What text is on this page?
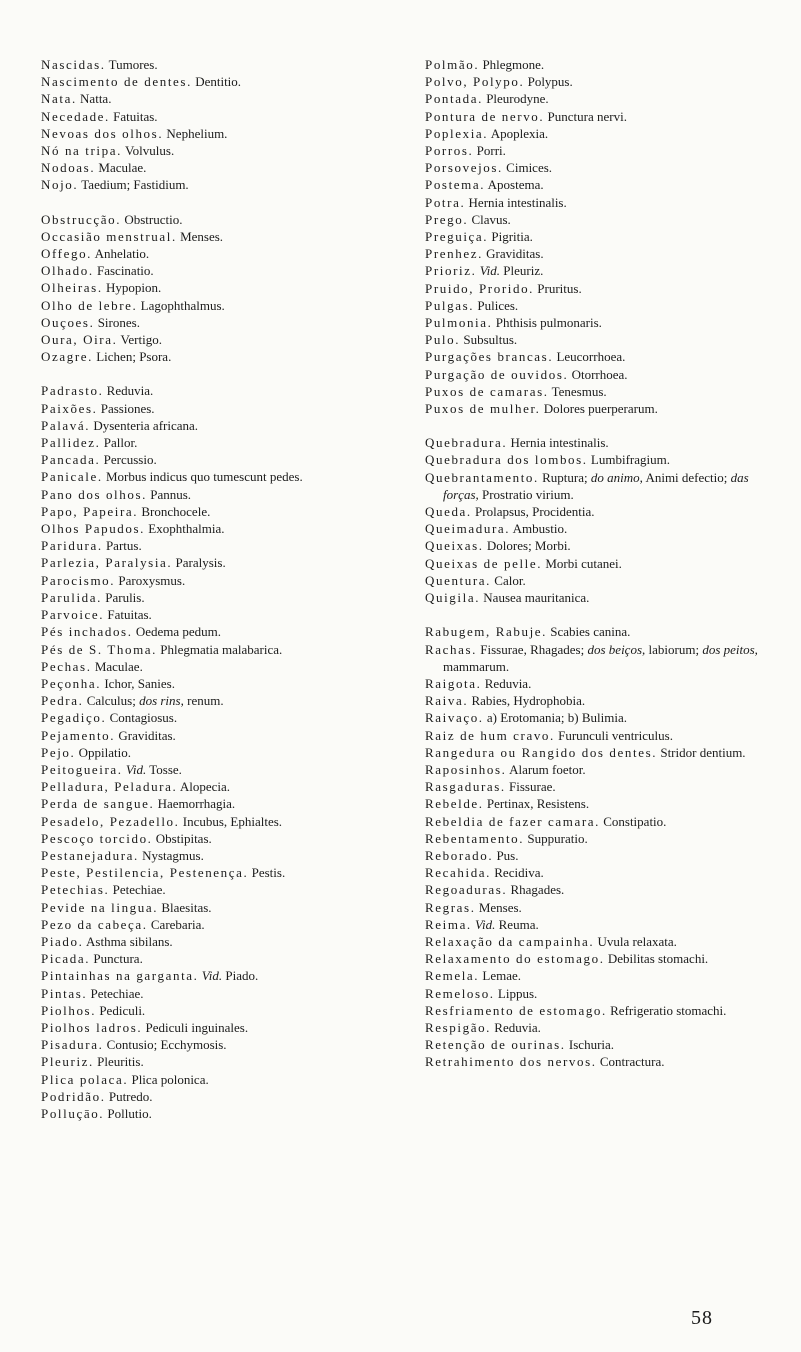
Nascidas. Tumores.

Nascimento de dentes. Dentitio.

Nata. Natta.

Necedade. Fatuitas.

Nevoas dos olhos. Nephelium.

Nó na tripa. Volvulus.

Nodoas. Maculae.

Nojo. Taedium; Fastidium.

Obstrucção. Obstructio.

Occasião menstrual. Menses.

Offego. Anhelatio.

Olhado. Fascinatio.

Olheiras. Hypopion.

Olho de lebre. Lagophthalmus.

Ouçoes. Sirones.

Oura, Oira. Vertigo.

Ozagre. Lichen; Psora.

Padrasto. Reduvia.

Paixões. Passiones.

Palavá. Dysenteria africana.

Pallidez. Pallor.

Pancada. Percussio.

Panicale. Morbus indicus quo tumescunt pedes.

Pano dos olhos. Pannus.

Papo, Papeira. Bronchocele.

Olhos Papudos. Exophthalmia.

Paridura. Partus.

Parlezia, Paralysia. Paralysis.

Parocismo. Paroxysmus.

Parulida. Parulis.

Parvoice. Fatuitas.

Pés inchados. Oedema pedum.

Pés de S. Thoma. Phlegmatia malabarica.

Pechas. Maculae.

Peçonha. Ichor, Sanies.

Pedra. Calculus; dos rins, renum.

Pegadiço. Contagiosus.

Pejamento. Graviditas.

Pejo. Oppilatio.

Peitogueira. Vid. Tosse.

Pelladura, Peladura. Alopecia.

Perda de sangue. Haemorrhagia.

Pesadelo, Pezadello. Incubus, Ephialtes.

Pescoço torcido. Obstipitas.

Pestanejadura. Nystagmus.

Peste, Pestilencia, Pestenença. Pestis.

Petechias. Petechiae.

Pevide na lingua. Blaesitas.

Pezo da cabeça. Carebaria.

Piado. Asthma sibilans.

Picada. Punctura.

Pintainhas na garganta. Vid. Piado.

Pintas. Petechiae.

Piolhos. Pediculi.

Piolhos ladros. Pediculi inguinales.

Pisadura. Contusio; Ecchymosis.

Pleuriz. Pleuritis.

Plica polaca. Plica polonica.

Podridão. Putredo.

Polluçāo. Pollutio.

Polmão. Phlegmone.

Polvo, Polypo. Polypus.

Pontada. Pleurodyne.

Pontura de nervo. Punctura nervi.

Poplexia. Apoplexia.

Porros. Porri.

Porsovejos. Cimices.

Postema. Apostema.

Potra. Hernia intestinalis.

Prego. Clavus.

Preguiça. Pigritia.

Prenhez. Graviditas.

Prioriz. Vid. Pleuriz.

Pruido, Prorido. Pruritus.

Pulgas. Pulices.

Pulmonia. Phthisis pulmonaris.

Pulo. Subsultus.

Purgações brancas. Leucorrhoea.

Purgação de ouvidos. Otorrhoea.

Puxos de camaras. Tenesmus.

Puxos de mulher. Dolores puerperarum.

Quebradura. Hernia intestinalis.

Quebradura dos lombos. Lumbifragium.

Quebrantamento. Ruptura; do animo, Animi defectio; das forças, Prostratio virium.

Queda. Prolapsus, Procidentia.

Queimadura. Ambustio.

Queixas. Dolores; Morbi.

Queixas de pelle. Morbi cutanei.

Quentura. Calor.

Quigila. Nausea mauritanica.

Rabugem, Rabuje. Scabies canina.

Rachas. Fissurae, Rhagades; dos beiços, labiorum; dos peitos, mammarum.

Raigota. Reduvia.

Raiva. Rabies, Hydrophobia.

Raivaço. a) Erotomania; b) Bulimia.

Raiz de hum cravo. Furunculi ventriculus.

Rangedura ou Rangido dos dentes. Stridor dentium.

Raposinhos. Alarum foetor.

Rasgaduras. Fissurae.

Rebelde. Pertinax, Resistens.

Rebeldia de fazer camara. Constipatio.

Rebentamento. Suppuratio.

Reborado. Pus.

Recahida. Recidiva.

Regoaduras. Rhagades.

Regras. Menses.

Reima. Vid. Reuma.

Relaxação da campainha. Uvula relaxata.

Relaxamento do estomago. Debilitas stomachi.

Remela. Lemae.

Remeloso. Lippus.

Resfriamento de estomago. Refrigeratio stomachi.

Respigão. Reduvia.

Retenção de ourinas. Ischuria.

Retrahimento dos nervos. Contractura.

58
